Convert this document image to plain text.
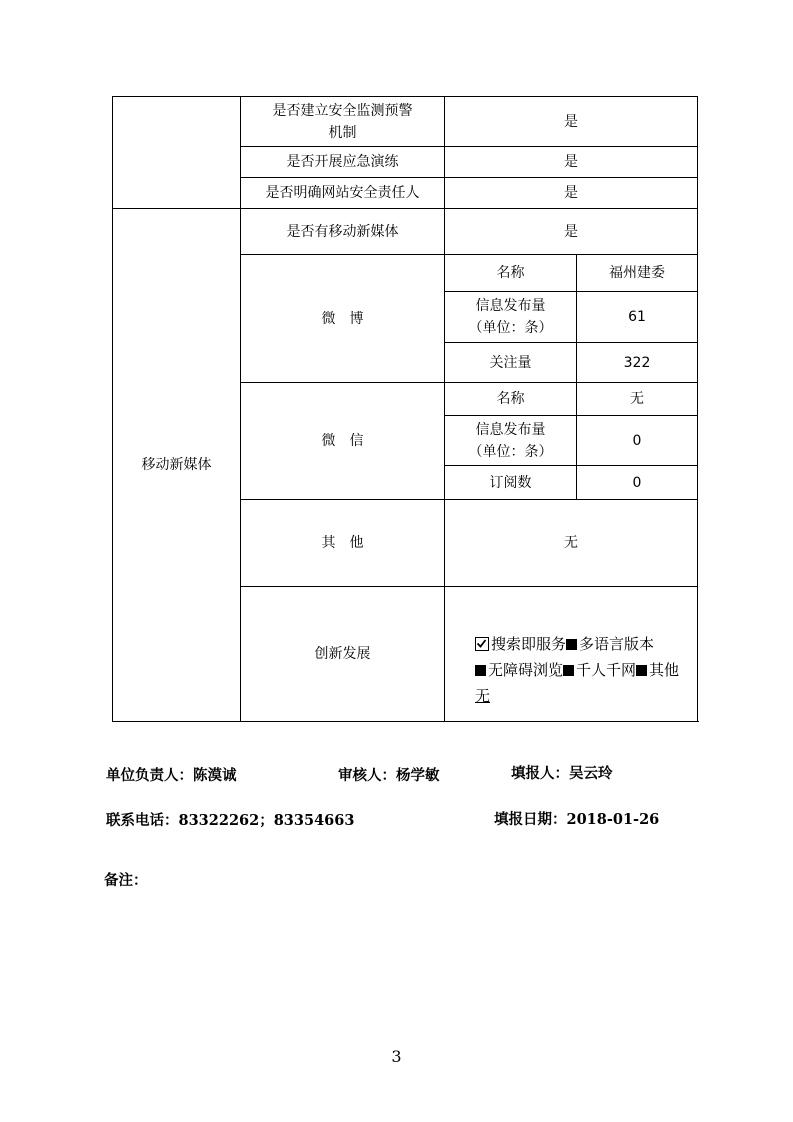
	是否建立安全监测预警
机制	是	
	是否开展应急演练	是	
	是否明确网站安全责任人	是	
移动新媒体	是否有移动新媒体	是	
	微　博	名称	福州建委
		信息发布量
（单位：条）	61
		关注量	322
	微　信	名称	无
		信息发布量
（单位：条）	0
		订阅数	0
	其　他	无	
	创新发展	搜索即服务 多语言版本无障碍浏览 千人千网 其他
无	
单位负责人：陈漠诚	审核人：杨学敏	填报人：吴云玲
联系电话：83322262；83354663	填报日期：2018-01-26
备注：
3
